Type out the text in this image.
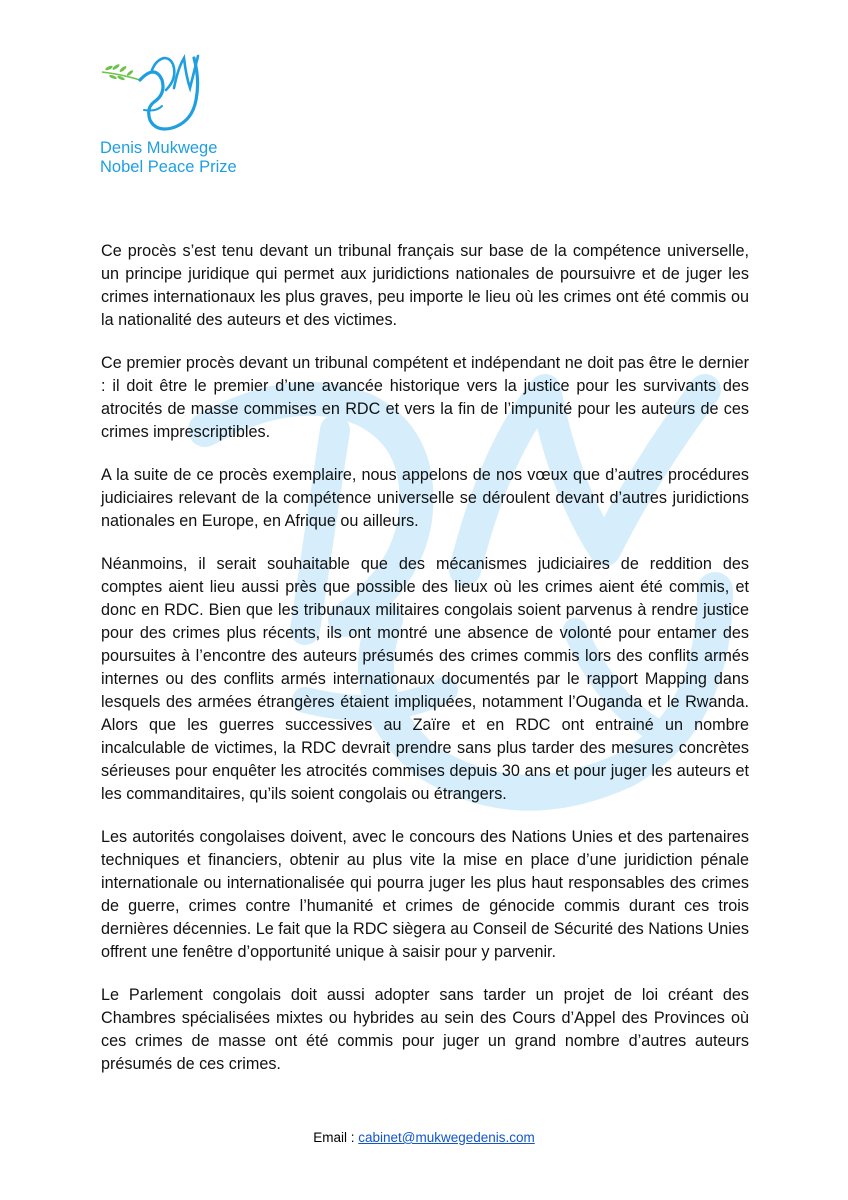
Denis Mukwege
Nobel Peace Prize

Ce procès s’est tenu devant un tribunal français sur base de la compétence universelle, un principe juridique qui permet aux juridictions nationales de poursuivre et de juger les crimes internationaux les plus graves, peu importe le lieu où les crimes ont été commis ou la nationalité des auteurs et des victimes.

Ce premier procès devant un tribunal compétent et indépendant ne doit pas être le dernier : il doit être le premier d’une avancée historique vers la justice pour les survivants des atrocités de masse commises en RDC et vers la fin de l’impunité pour les auteurs de ces crimes imprescriptibles.

A la suite de ce procès exemplaire, nous appelons de nos vœux que d’autres procédures judiciaires relevant de la compétence universelle se déroulent devant d’autres juridictions nationales en Europe, en Afrique ou ailleurs.

Néanmoins, il serait souhaitable que des mécanismes judiciaires de reddition des comptes aient lieu aussi près que possible des lieux où les crimes aient été commis, et donc en RDC. Bien que les tribunaux militaires congolais soient parvenus à rendre justice pour des crimes plus récents, ils ont montré une absence de volonté pour entamer des poursuites à l’encontre des auteurs présumés des crimes commis lors des conflits armés internes ou des conflits armés internationaux documentés par le rapport Mapping dans lesquels des armées étrangères étaient impliquées, notamment l’Ouganda et le Rwanda. Alors que les guerres successives au Zaïre et en RDC ont entrainé un nombre incalculable de victimes, la RDC devrait prendre sans plus tarder des mesures concrètes sérieuses pour enquêter les atrocités commises depuis 30 ans et pour juger les auteurs et les commanditaires, qu’ils soient congolais ou étrangers.

Les autorités congolaises doivent, avec le concours des Nations Unies et des partenaires techniques et financiers, obtenir au plus vite la mise en place d’une juridiction pénale internationale ou internationalisée qui pourra juger les plus haut responsables des crimes de guerre, crimes contre l’humanité et crimes de génocide commis durant ces trois dernières décennies. Le fait que la RDC siègera au Conseil de Sécurité des Nations Unies offrent une fenêtre d’opportunité unique à saisir pour y parvenir.

Le Parlement congolais doit aussi adopter sans tarder un projet de loi créant des Chambres spécialisées mixtes ou hybrides au sein des Cours d’Appel des Provinces où ces crimes de masse ont été commis pour juger un grand nombre d’autres auteurs présumés de ces crimes.

Email : cabinet@mukwegedenis.com
